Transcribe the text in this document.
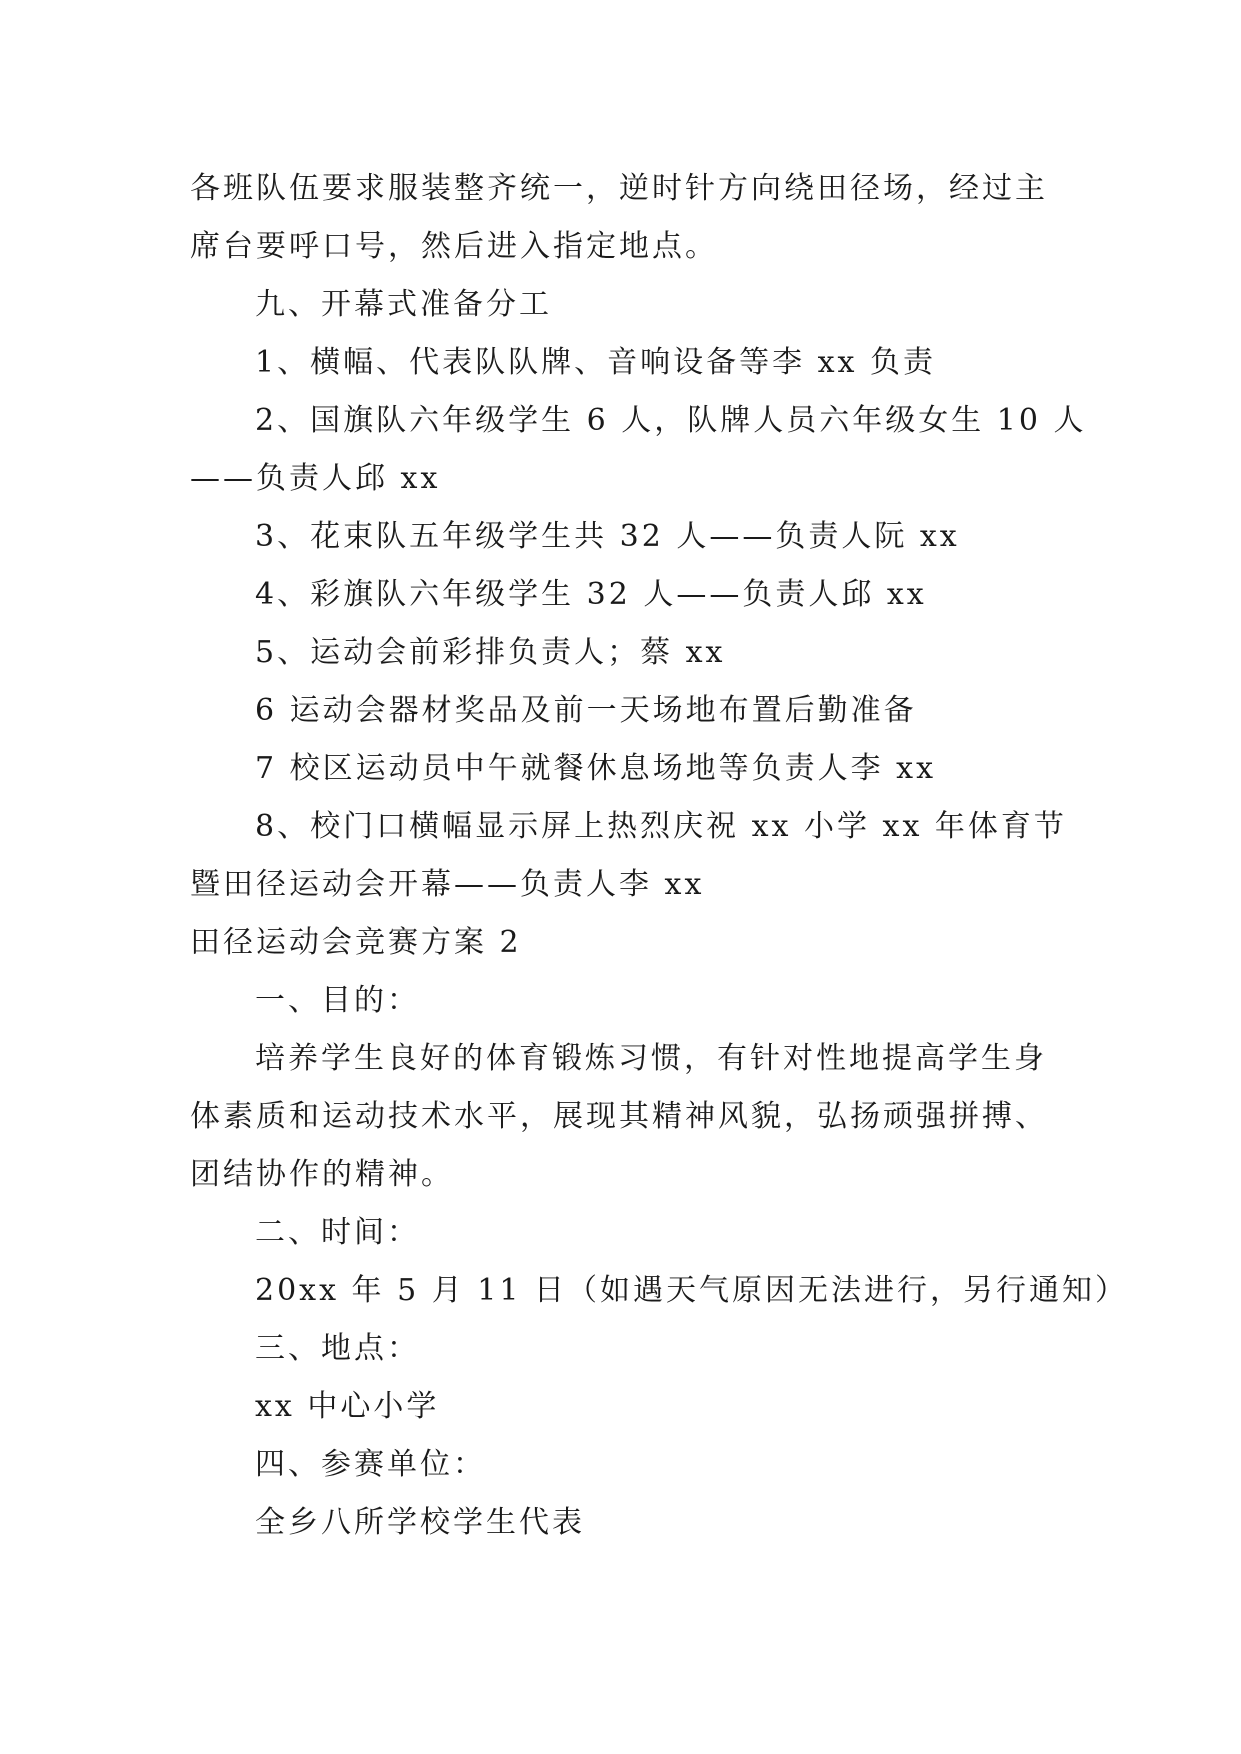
各班队伍要求服装整齐统一，逆时针方向绕田径场，经过主
席台要呼口号，然后进入指定地点。
九、开幕式准备分工
1、横幅、代表队队牌、音响设备等李 xx 负责
2、国旗队六年级学生 6 人，队牌人员六年级女生 10 人
——负责人邱 xx
3、花束队五年级学生共 32 人——负责人阮 xx
4、彩旗队六年级学生 32 人——负责人邱 xx
5、运动会前彩排负责人；蔡 xx
6 运动会器材奖品及前一天场地布置后勤准备
7 校区运动员中午就餐休息场地等负责人李 xx
8、校门口横幅显示屏上热烈庆祝 xx 小学 xx 年体育节
暨田径运动会开幕——负责人李 xx
田径运动会竞赛方案 2
一、目的：
培养学生良好的体育锻炼习惯，有针对性地提高学生身
体素质和运动技术水平，展现其精神风貌，弘扬顽强拼搏、
团结协作的精神。
二、时间：
20xx 年 5 月 11 日（如遇天气原因无法进行，另行通知）
三、地点：
xx 中心小学
四、参赛单位：
全乡八所学校学生代表
